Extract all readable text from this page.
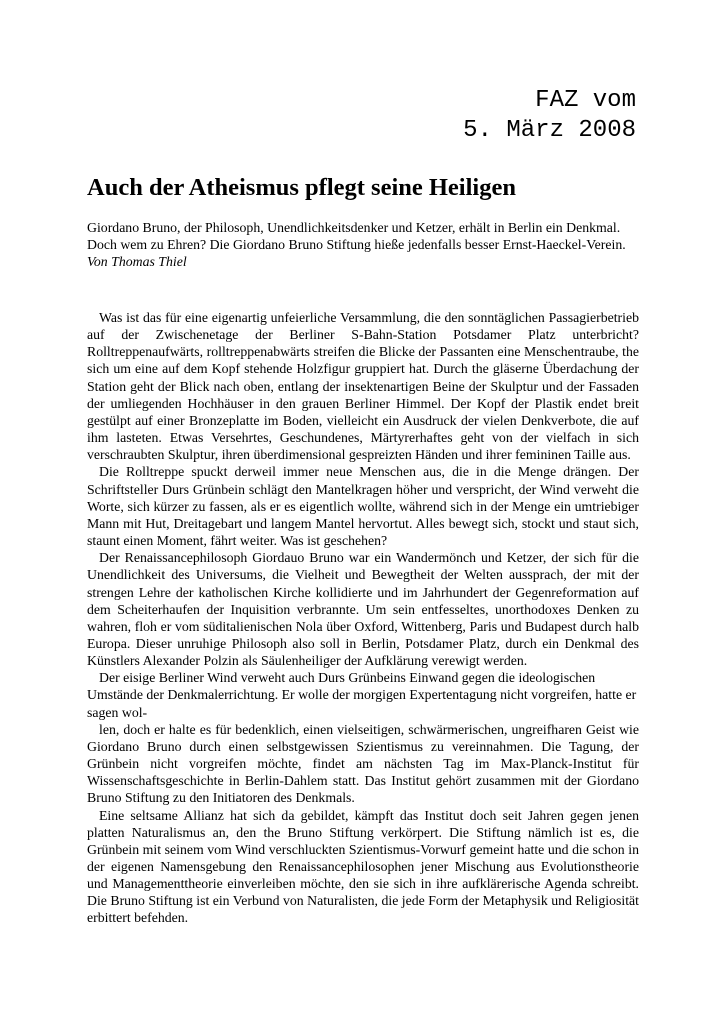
FAZ vom
5. März 2008
Auch der Atheismus pflegt seine Heiligen
Giordano Bruno, der Philosoph, Unendlichkeitsdenker und Ketzer, erhält in Berlin ein Denkmal. Doch wem zu Ehren? Die Giordano Bruno Stiftung hieße jedenfalls besser Ernst-Haeckel-Verein.
Von Thomas Thiel

Was ist das für eine eigenartig unfeierliche Versammlung, die den sonntäglichen Passagierbetrieb auf der Zwischenetage der Berliner S-Bahn-Station Potsdamer Platz unterbricht? Rolltreppenaufwärts, rolltreppenabwärts streifen die Blicke der Passanten eine Menschentraube, the sich um eine auf dem Kopf stehende Holzfigur gruppiert hat. Durch the gläserne Überdachung der Station geht der Blick nach oben, entlang der insektenartigen Beine der Skulptur und der Fassaden der umliegenden Hochhäuser in den grauen Berliner Himmel. Der Kopf der Plastik endet breit gestülpt auf einer Bronzeplatte im Boden, vielleicht ein Ausdruck der vielen Denkverbote, die auf ihm lasteten. Etwas Versehrtes, Geschundenes, Märtyrerhaftes geht von der vielfach in sich verschraubten Skulptur, ihren überdimensional gespreizten Händen und ihrer femininen Taille aus.

Die Rolltreppe spuckt derweil immer neue Menschen aus, die in die Menge drängen. Der Schriftsteller Durs Grünbein schlägt den Mantelkragen höher und verspricht, der Wind verweht die Worte, sich kürzer zu fassen, als er es eigentlich wollte, während sich in der Menge ein umtriebiger Mann mit Hut, Dreitagebart und langem Mantel hervortut. Alles bewegt sich, stockt und staut sich, staunt einen Moment, fährt weiter. Was ist geschehen?

Der Renaissancephilosoph Giordauo Bruno war ein Wandermönch und Ketzer, der sich für die Unendlichkeit des Universums, die Vielheit und Bewegtheit der Welten aussprach, der mit der strengen Lehre der katholischen Kirche kollidierte und im Jahrhundert der Gegenreformation auf dem Scheiterhaufen der Inquisition verbrannte. Um sein entfesseltes, unorthodoxes Denken zu wahren, floh er vom süditalienischen Nola über Oxford, Wittenberg, Paris und Budapest durch halb Europa. Dieser unruhige Philosoph also soll in Berlin, Potsdamer Platz, durch ein Denkmal des Künstlers Alexander Polzin als Säulenheiliger der Aufklärung verewigt werden.

Der eisige Berliner Wind verweht auch Durs Grünbeins Einwand gegen die ideologischen Umstände der Denkmalerrichtung. Er wolle der morgigen Expertentagung nicht vorgreifen, hatte er sagen wol-

len, doch er halte es für bedenklich, einen vielseitigen, schwärmerischen, ungreifharen Geist wie Giordano Bruno durch einen selbstgewissen Szientismus zu vereinnahmen. Die Tagung, der Grünbein nicht vorgreifen möchte, findet am nächsten Tag im Max-Planck-Institut für Wissenschaftsgeschichte in Berlin-Dahlem statt. Das Institut gehört zusammen mit der Giordano Bruno Stiftung zu den Initiatoren des Denkmals.

Eine seltsame Allianz hat sich da gebildet, kämpft das Institut doch seit Jahren gegen jenen platten Naturalismus an, den the Bruno Stiftung verkörpert. Die Stiftung nämlich ist es, die Grünbein mit seinem vom Wind verschluckten Szientismus-Vorwurf gemeint hatte und die schon in der eigenen Namensgebung den Renaissancephilosophen jener Mischung aus Evolutionstheorie und Managementtheorie einverleiben möchte, den sie sich in ihre aufklärerische Agenda schreibt. Die Bruno Stiftung ist ein Verbund von Naturalisten, die jede Form der Metaphysik und Religiosität erbittert befehden.
